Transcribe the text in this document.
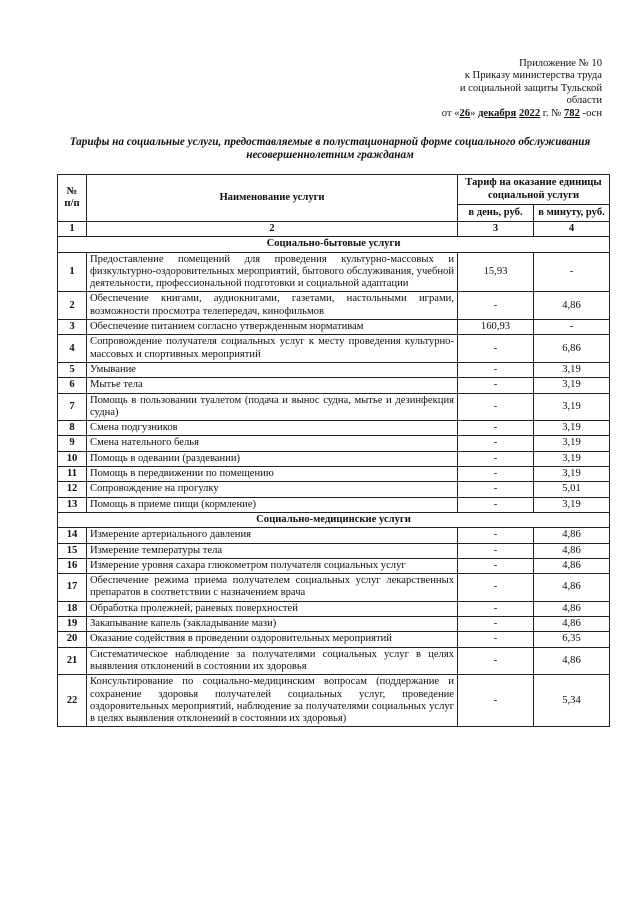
Приложение № 10
к Приказу министерства труда
и социальной защиты Тульской
области
от «26» декабря 2022 г. № 782 -осн
Тарифы на социальные услуги, предоставляемые в полустационарной форме социального обслуживания несовершеннолетним гражданам
№ п/п	Наименование услуги	Тариф на оказание единицы социальной услуги	
		в день, руб.	в минуту, руб.
1	2	3	4
Социально-бытовые услуги			
1	Предоставление помещений для проведения культурно-массовых и физкультурно-оздоровительных мероприятий, бытового обслуживания, учебной деятельности, профессиональной подготовки и социальной адаптации	15,93	-
2	Обеспечение книгами, аудиокнигами, газетами, настольными играми, возможности просмотра телепередач, кинофильмов	-	4,86
3	Обеспечение питанием согласно утвержденным нормативам	160,93	-
4	Сопровождение получателя социальных услуг к месту проведения культурно-массовых и спортивных мероприятий	-	6,86
5	Умывание	-	3,19
6	Мытье тела	-	3,19
7	Помощь в пользовании туалетом (подача и вынос судна, мытье и дезинфекция судна)	-	3,19
8	Смена подгузников	-	3,19
9	Смена нательного белья	-	3,19
10	Помощь в одевании (раздевании)	-	3,19
11	Помощь в передвижении по помещению	-	3,19
12	Сопровождение на прогулку	-	5,01
13	Помощь в приеме пищи (кормление)	-	3,19
Социально-медицинские услуги			
14	Измерение артериального давления	-	4,86
15	Измерение температуры тела	-	4,86
16	Измерение уровня сахара глюкометром получателя социальных услуг	-	4,86
17	Обеспечение режима приема получателем социальных услуг лекарственных препаратов в соответствии с назначением врача	-	4,86
18	Обработка пролежней, раневых поверхностей	-	4,86
19	Закапывание капель (закладывание мази)	-	4,86
20	Оказание содействия в проведении оздоровительных мероприятий	-	6,35
21	Систематическое наблюдение за получателями социальных услуг в целях выявления отклонений в состоянии их здоровья	-	4,86
22	Консультирование по социально-медицинским вопросам (поддержание и сохранение здоровья получателей социальных услуг, проведение оздоровительных мероприятий, наблюдение за получателями социальных услуг в целях выявления отклонений в состоянии их здоровья)	-	5,34
